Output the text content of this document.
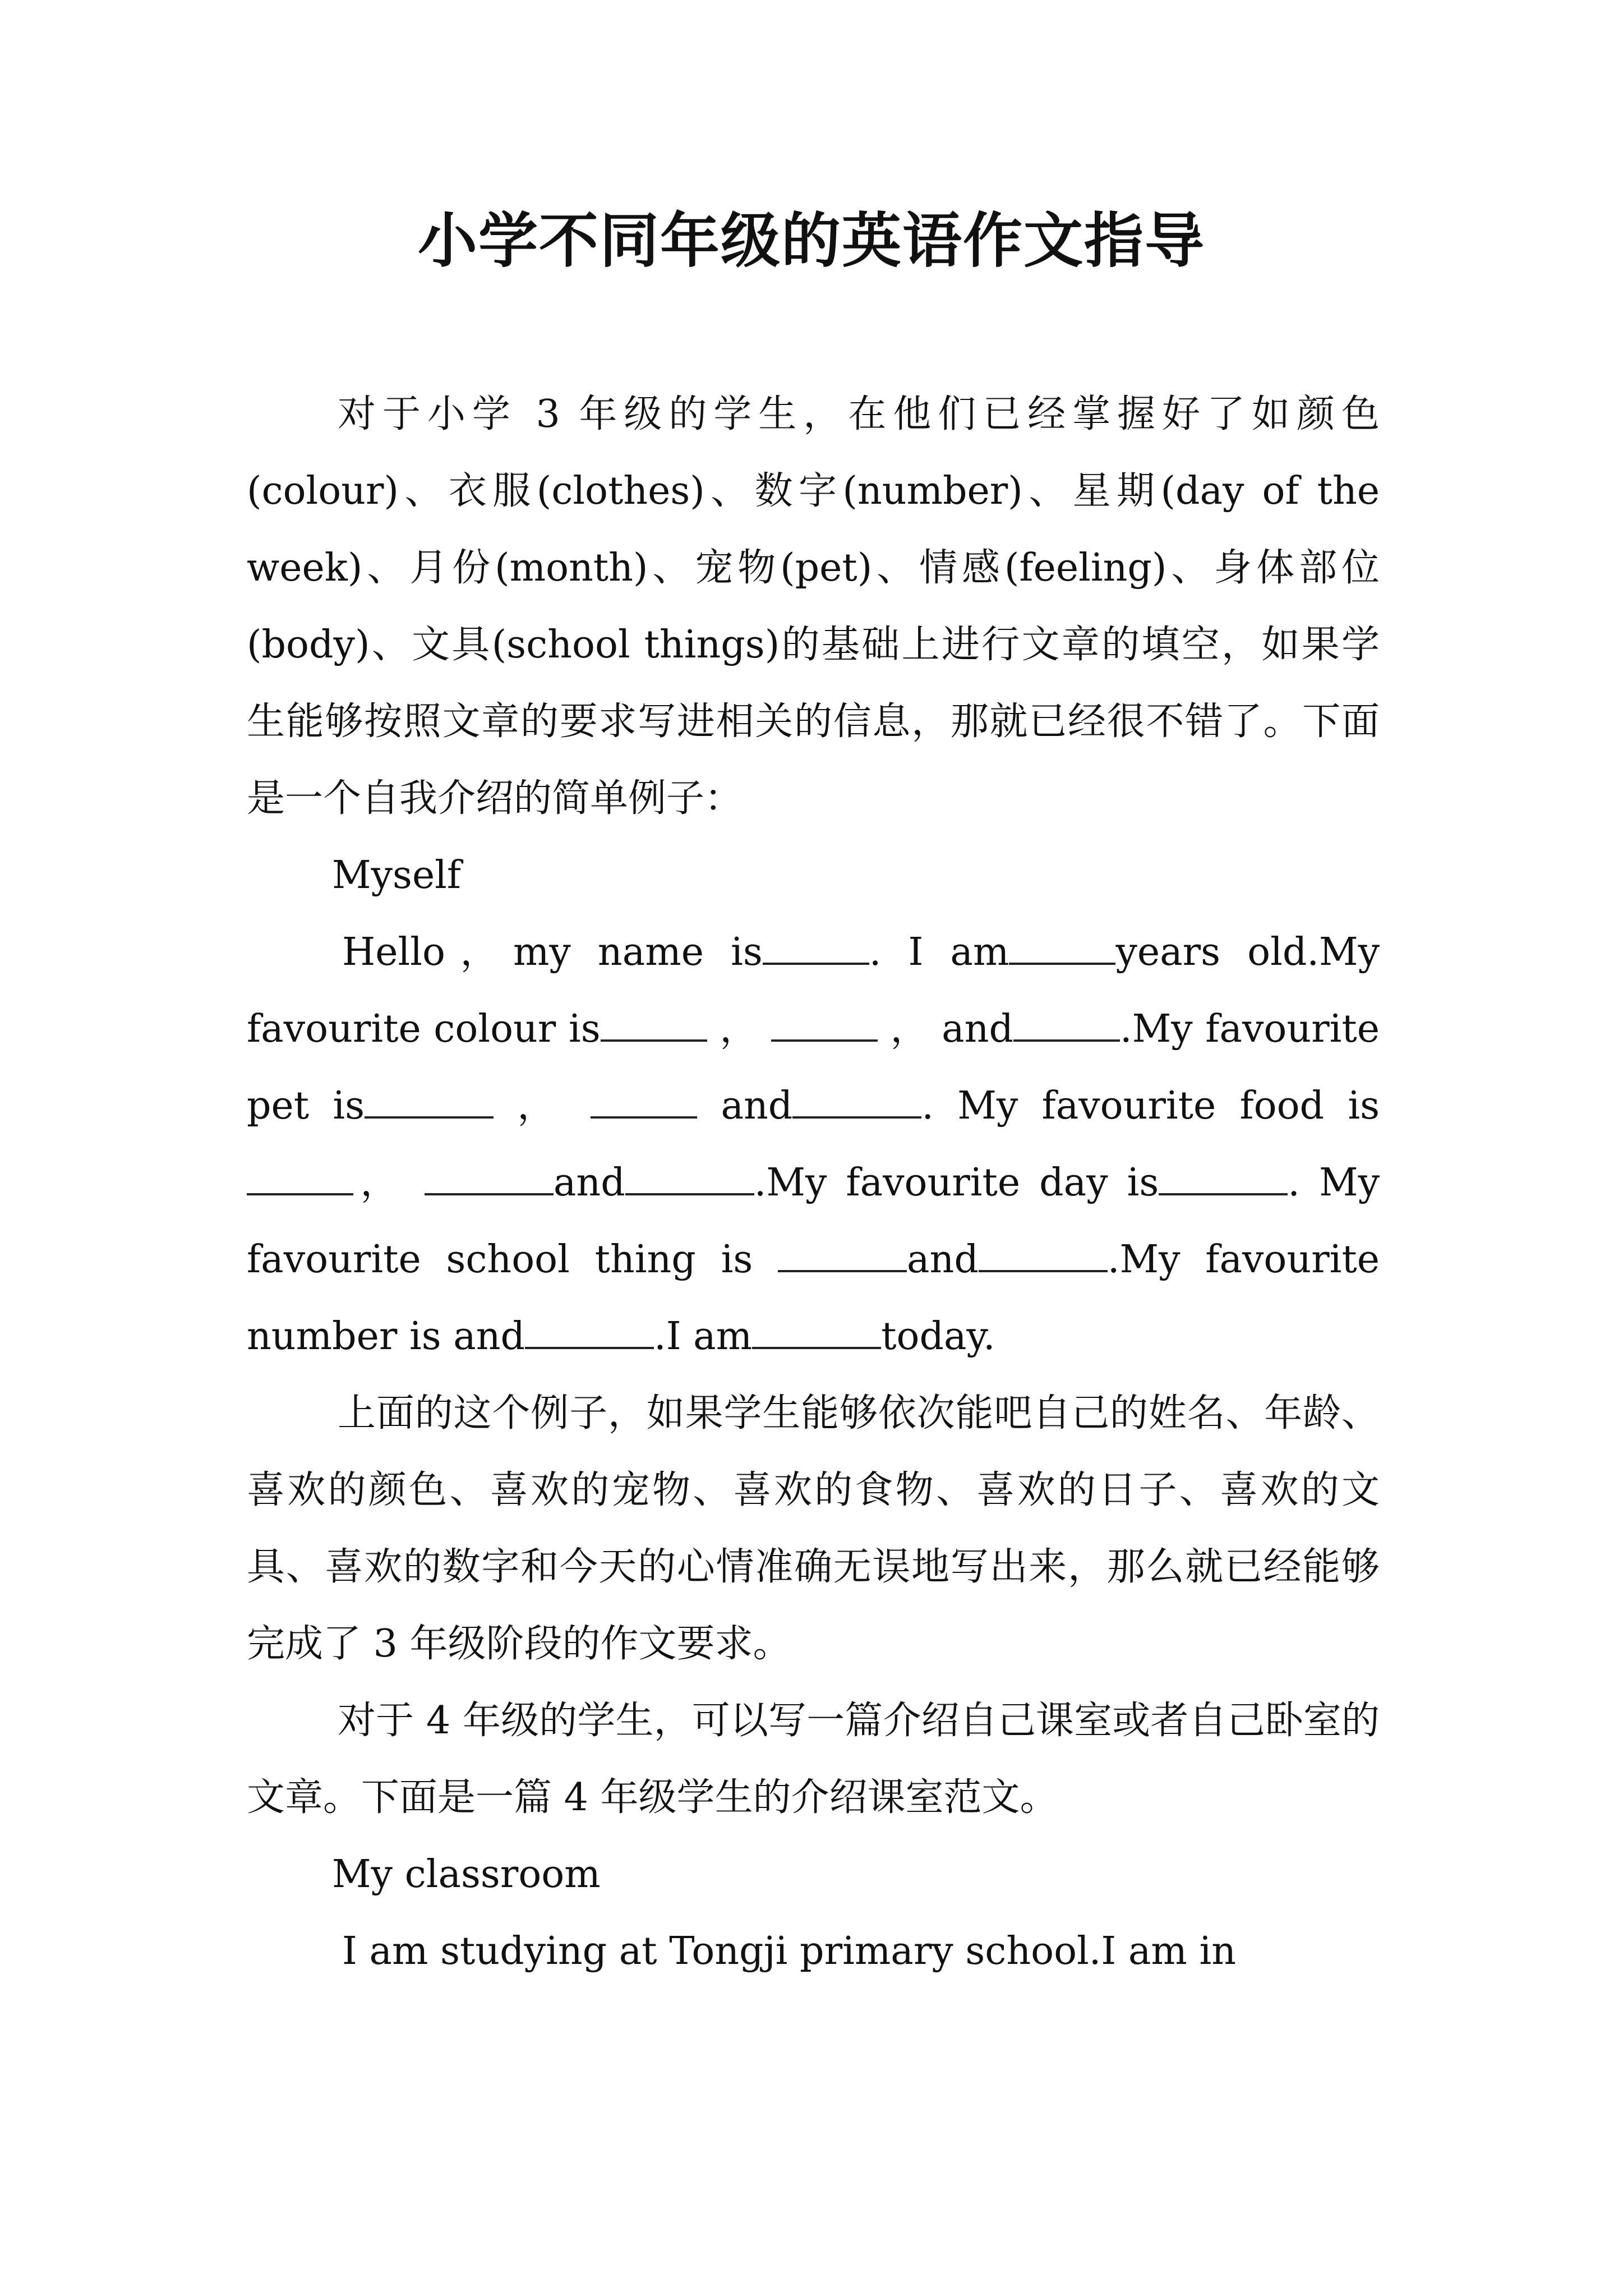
小学不同年级的英语作文指导

对于小学 3 年级的学生，在他们已经掌握好了如颜色(colour)、衣服(clothes)、数字(number)、星期(day of the week)、月份(month)、宠物(pet)、情感(feeling)、身体部位(body)、文具(school things)的基础上进行文章的填空，如果学生能够按照文章的要求写进相关的信息，那就已经很不错了。下面是一个自我介绍的简单例子：

Myself

Hello，my name is	. I am	years old.My favourite colour is	，	， and	.My favourite pet is	，	and	. My favourite food is，	and	.My favourite day is	. My favourite school thing is	and	.My favourite number is and	.I am	today.

上面的这个例子，如果学生能够依次能吧自己的姓名、年龄、喜欢的颜色、喜欢的宠物、喜欢的食物、喜欢的日子、喜欢的文具、喜欢的数字和今天的心情准确无误地写出来，那么就已经能够完成了 3 年级阶段的作文要求。

对于 4 年级的学生，可以写一篇介绍自己课室或者自己卧室的文章。下面是一篇 4 年级学生的介绍课室范文。

My classroom

I am studying at Tongji primary school.I am in
